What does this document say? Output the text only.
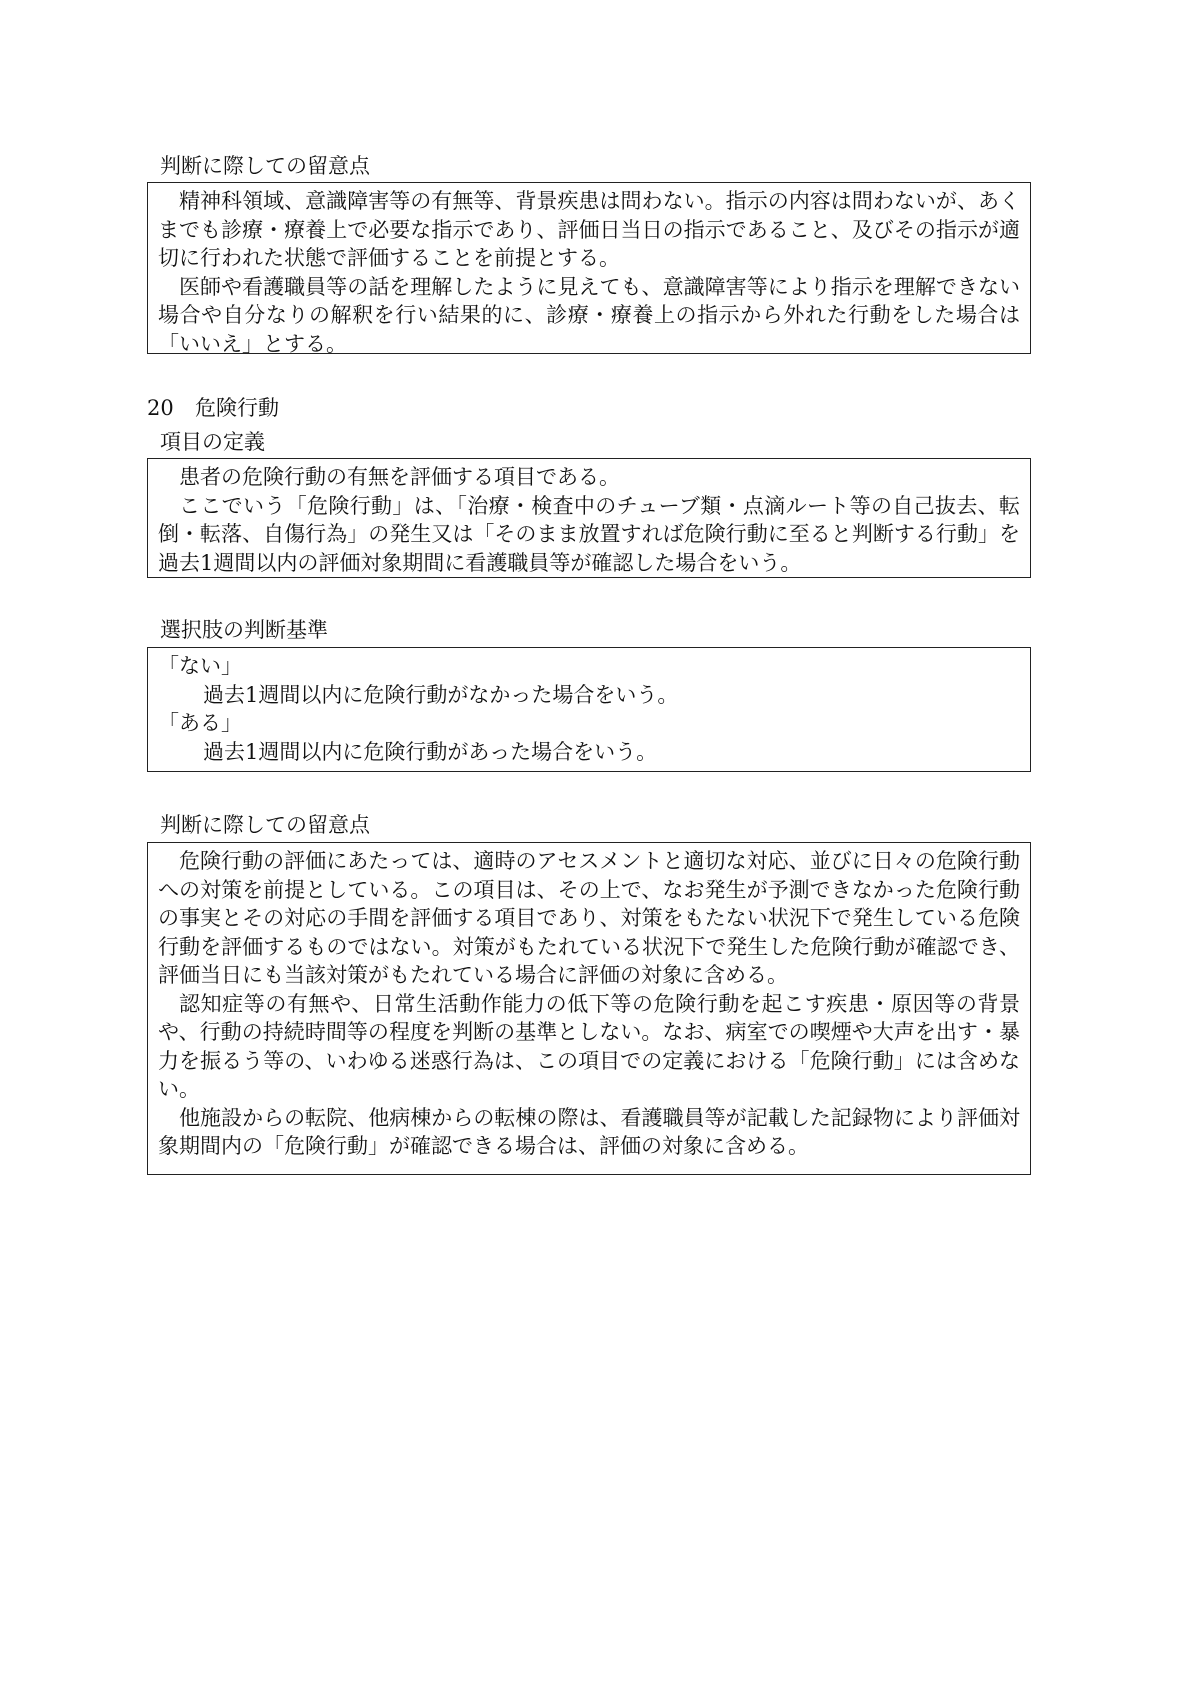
判断に際しての留意点

精神科領域、意識障害等の有無等、背景疾患は問わない。指示の内容は問わないが、あくまでも診療・療養上で必要な指示であり、評価日当日の指示であること、及びその指示が適切に行われた状態で評価することを前提とする。

医師や看護職員等の話を理解したように見えても、意識障害等により指示を理解できない場合や自分なりの解釈を行い結果的に、診療・療養上の指示から外れた行動をした場合は「いいえ」とする。

20 危険行動
項目の定義

患者の危険行動の有無を評価する項目である。

ここでいう「危険行動」は、「治療・検査中のチューブ類・点滴ルート等の自己抜去、転倒・転落、自傷行為」の発生又は「そのまま放置すれば危険行動に至ると判断する行動」を過去1週間以内の評価対象期間に看護職員等が確認した場合をいう。

選択肢の判断基準
「ない」
過去1週間以内に危険行動がなかった場合をいう。
「ある」
過去1週間以内に危険行動があった場合をいう。
判断に際しての留意点

危険行動の評価にあたっては、適時のアセスメントと適切な対応、並びに日々の危険行動への対策を前提としている。この項目は、その上で、なお発生が予測できなかった危険行動の事実とその対応の手間を評価する項目であり、対策をもたない状況下で発生している危険行動を評価するものではない。対策がもたれている状況下で発生した危険行動が確認でき、評価当日にも当該対策がもたれている場合に評価の対象に含める。

認知症等の有無や、日常生活動作能力の低下等の危険行動を起こす疾患・原因等の背景や、行動の持続時間等の程度を判断の基準としない。なお、病室での喫煙や大声を出す・暴力を振るう等の、いわゆる迷惑行為は、この項目での定義における「危険行動」には含めない。

他施設からの転院、他病棟からの転棟の際は、看護職員等が記載した記録物により評価対象期間内の「危険行動」が確認できる場合は、評価の対象に含める。
